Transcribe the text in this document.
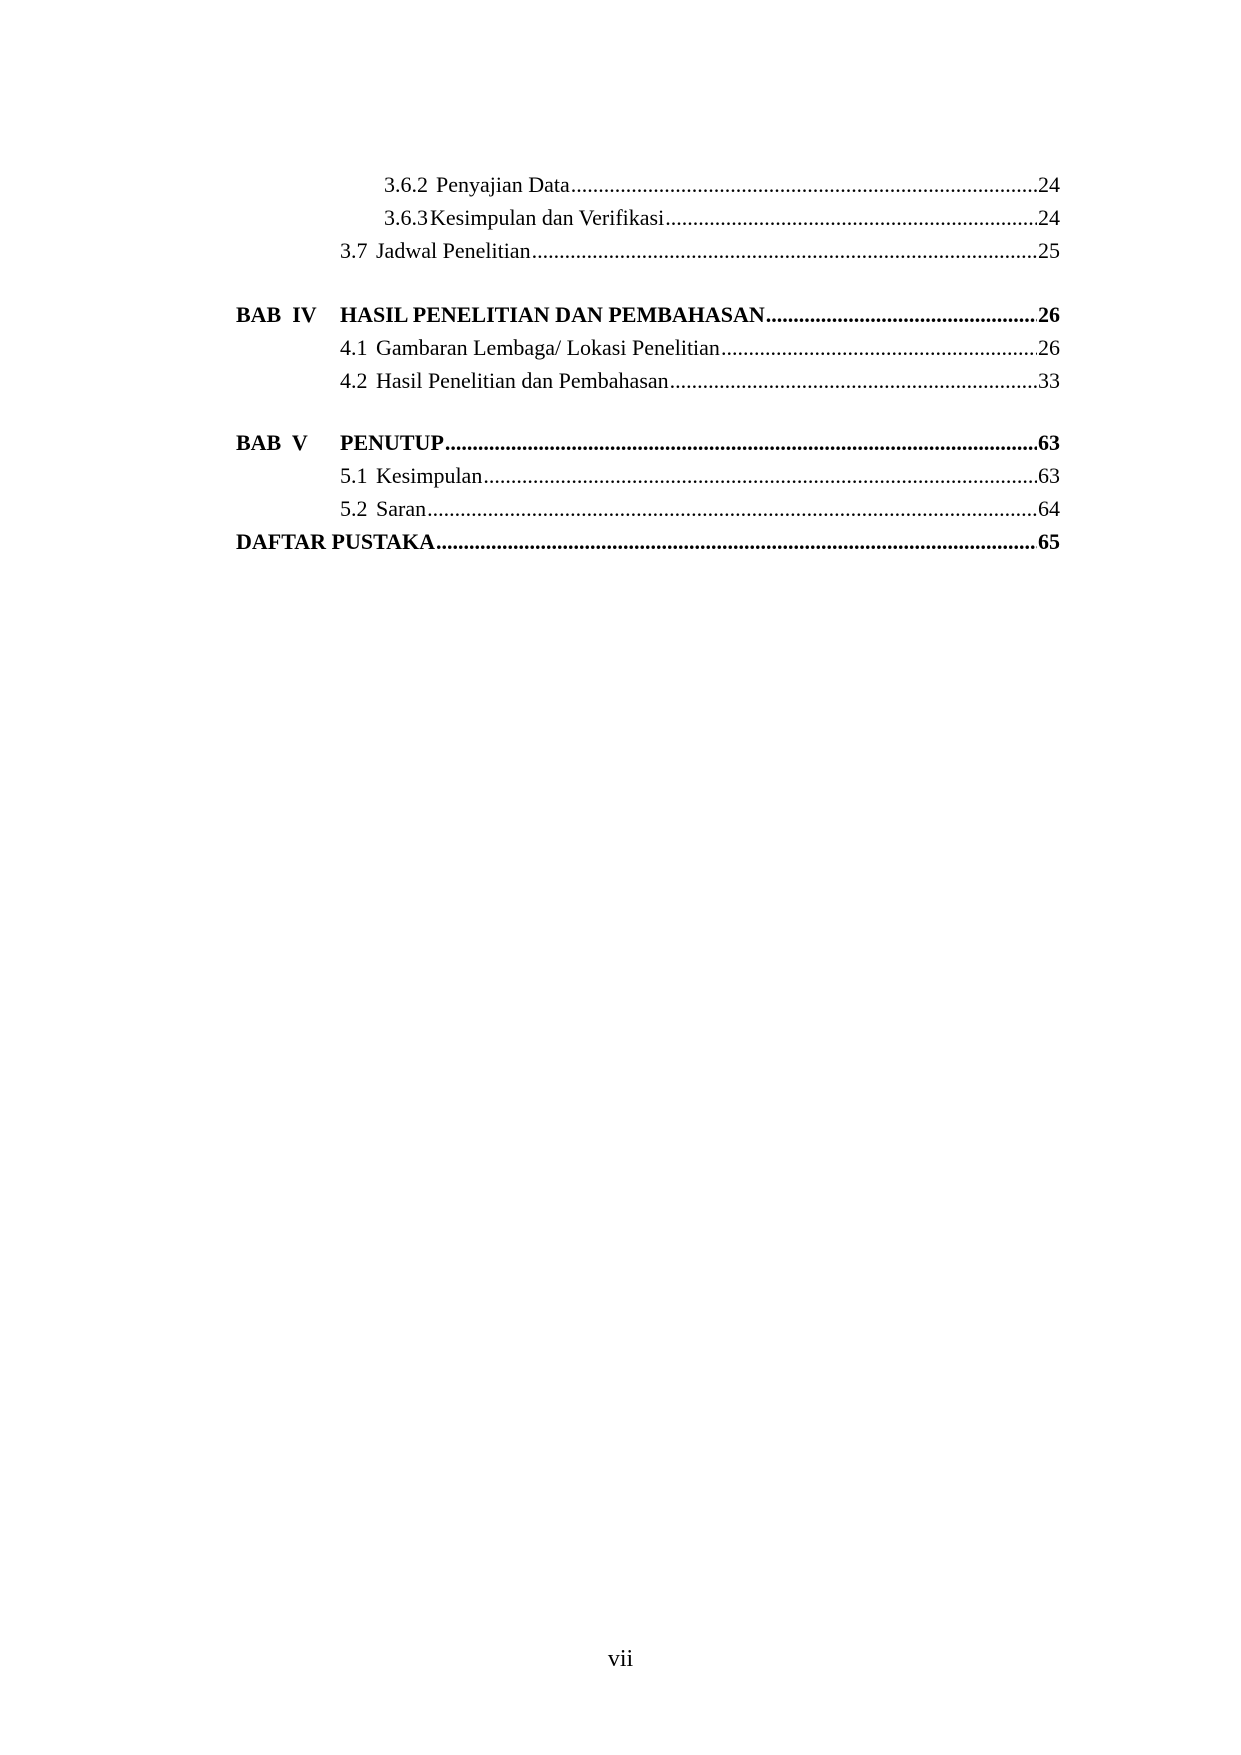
3.6.2 Penyajian Data .....	24
3.6.3Kesimpulan dan Verifikasi .....	24
3.7 Jadwal Penelitian .....	25
BAB  IV HASIL PENELITIAN DAN PEMBAHASAN .....	26
4.1 Gambaran Lembaga/ Lokasi Penelitian .....	26
4.2 Hasil Penelitian dan Pembahasan .....	33
BAB  V PENUTUP .....	63
5.1 Kesimpulan .....	63
5.2 Saran .....	64
DAFTAR PUSTAKA .....	65
vii
